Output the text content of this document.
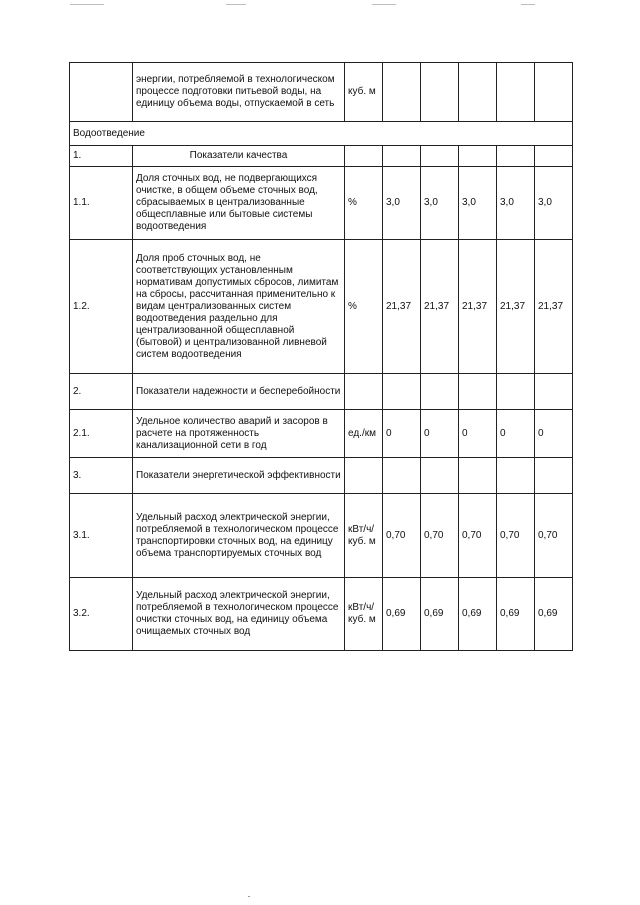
	энергии, потребляемой в технологическом процессе подготовки питьевой воды, на единицу объема воды, отпускаемой в сеть	куб. м					
Водоотведение							
1.	Показатели качества						
1.1.	Доля сточных вод, не подвергающихся очистке, в общем объеме сточных вод, сбрасываемых в централизованные общесплавные или бытовые системы водоотведения	%	3,0	3,0	3,0	3,0	3,0
1.2.	Доля проб сточных вод, не соответствующих установленным нормативам допустимых сбросов, лимитам на сбросы, рассчитанная применительно к видам централизованных систем водоотведения раздельно для централизованной общесплавной (бытовой) и централизованной ливневой систем водоотведения	%	21,37	21,37	21,37	21,37	21,37
2.	Показатели надежности и бесперебойности						
2.1.	Удельное количество аварий и засоров в расчете на протяженность канализационной сети в год	ед./км	0	0	0	0	0
3.	Показатели энергетической эффективности						
3.1.	Удельный расход электрической энергии, потребляемой в технологическом процессе транспортировки сточных вод, на единицу объема транспортируемых сточных вод	кВт/ч/ куб. м	0,70	0,70	0,70	0,70	0,70
3.2.	Удельный расход электрической энергии, потребляемой в технологическом процессе очистки сточных вод, на единицу объема очищаемых сточных вод	кВт/ч/ куб. м	0,69	0,69	0,69	0,69	0,69
